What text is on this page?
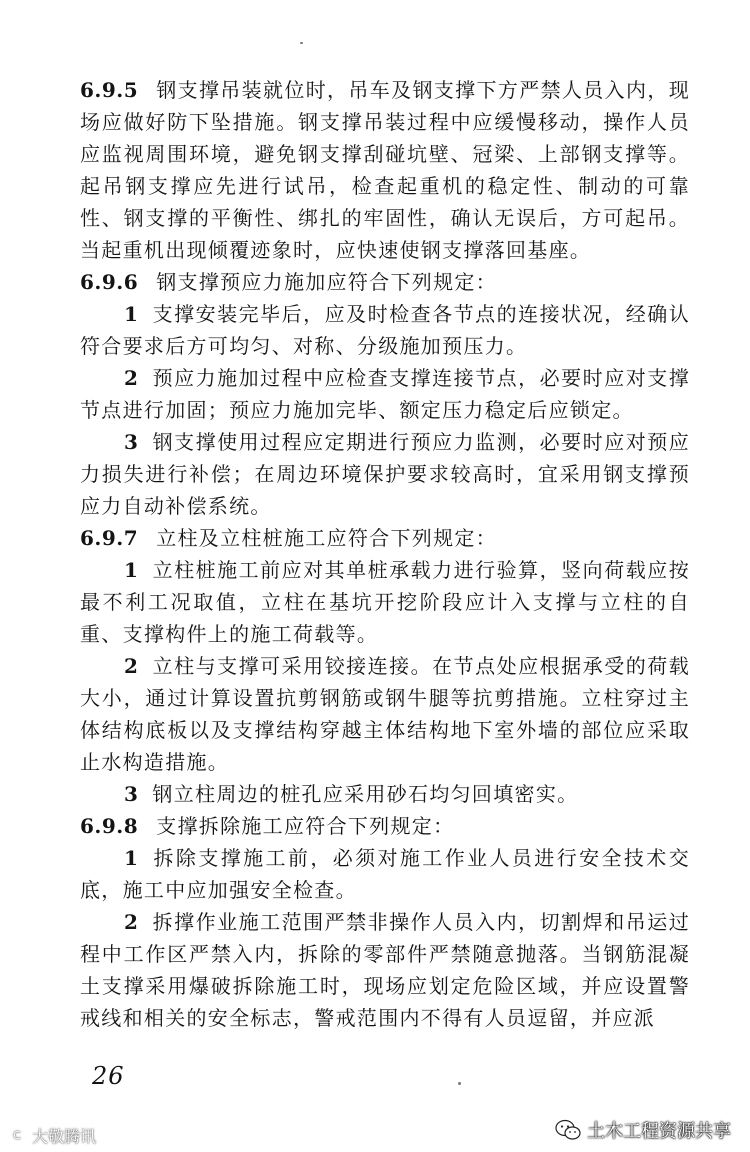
6.9.5 钢支撑吊装就位时，吊车及钢支撑下方严禁人员入内，现场应做好防下坠措施。钢支撑吊装过程中应缓慢移动，操作人员应监视周围环境，避免钢支撑刮碰坑壁、冠梁、上部钢支撑等。起吊钢支撑应先进行试吊，检查起重机的稳定性、制动的可靠性、钢支撑的平衡性、绑扎的牢固性，确认无误后，方可起吊。当起重机出现倾覆迹象时，应快速使钢支撑落回基座。

6.9.6 钢支撑预应力施加应符合下列规定：

1 支撑安装完毕后，应及时检查各节点的连接状况，经确认符合要求后方可均匀、对称、分级施加预压力。

2 预应力施加过程中应检查支撑连接节点，必要时应对支撑节点进行加固；预应力施加完毕、额定压力稳定后应锁定。

3 钢支撑使用过程应定期进行预应力监测，必要时应对预应力损失进行补偿；在周边环境保护要求较高时，宜采用钢支撑预应力自动补偿系统。

6.9.7 立柱及立柱桩施工应符合下列规定：

1 立柱桩施工前应对其单桩承载力进行验算，竖向荷载应按最不利工况取值，立柱在基坑开挖阶段应计入支撑与立柱的自重、支撑构件上的施工荷载等。

2 立柱与支撑可采用铰接连接。在节点处应根据承受的荷载大小，通过计算设置抗剪钢筋或钢牛腿等抗剪措施。立柱穿过主体结构底板以及支撑结构穿越主体结构地下室外墙的部位应采取止水构造措施。

3 钢立柱周边的桩孔应采用砂石均匀回填密实。

6.9.8 支撑拆除施工应符合下列规定：

1 拆除支撑施工前，必须对施工作业人员进行安全技术交底，施工中应加强安全检查。

2 拆撑作业施工范围严禁非操作人员入内，切割焊和吊运过程中工作区严禁入内，拆除的零部件严禁随意抛落。当钢筋混凝土支撑采用爆破拆除施工时，现场应划定危险区域，并应设置警戒线和相关的安全标志，警戒范围内不得有人员逗留，并应派

26
土木工程资源共享
C 大敬腾讯
